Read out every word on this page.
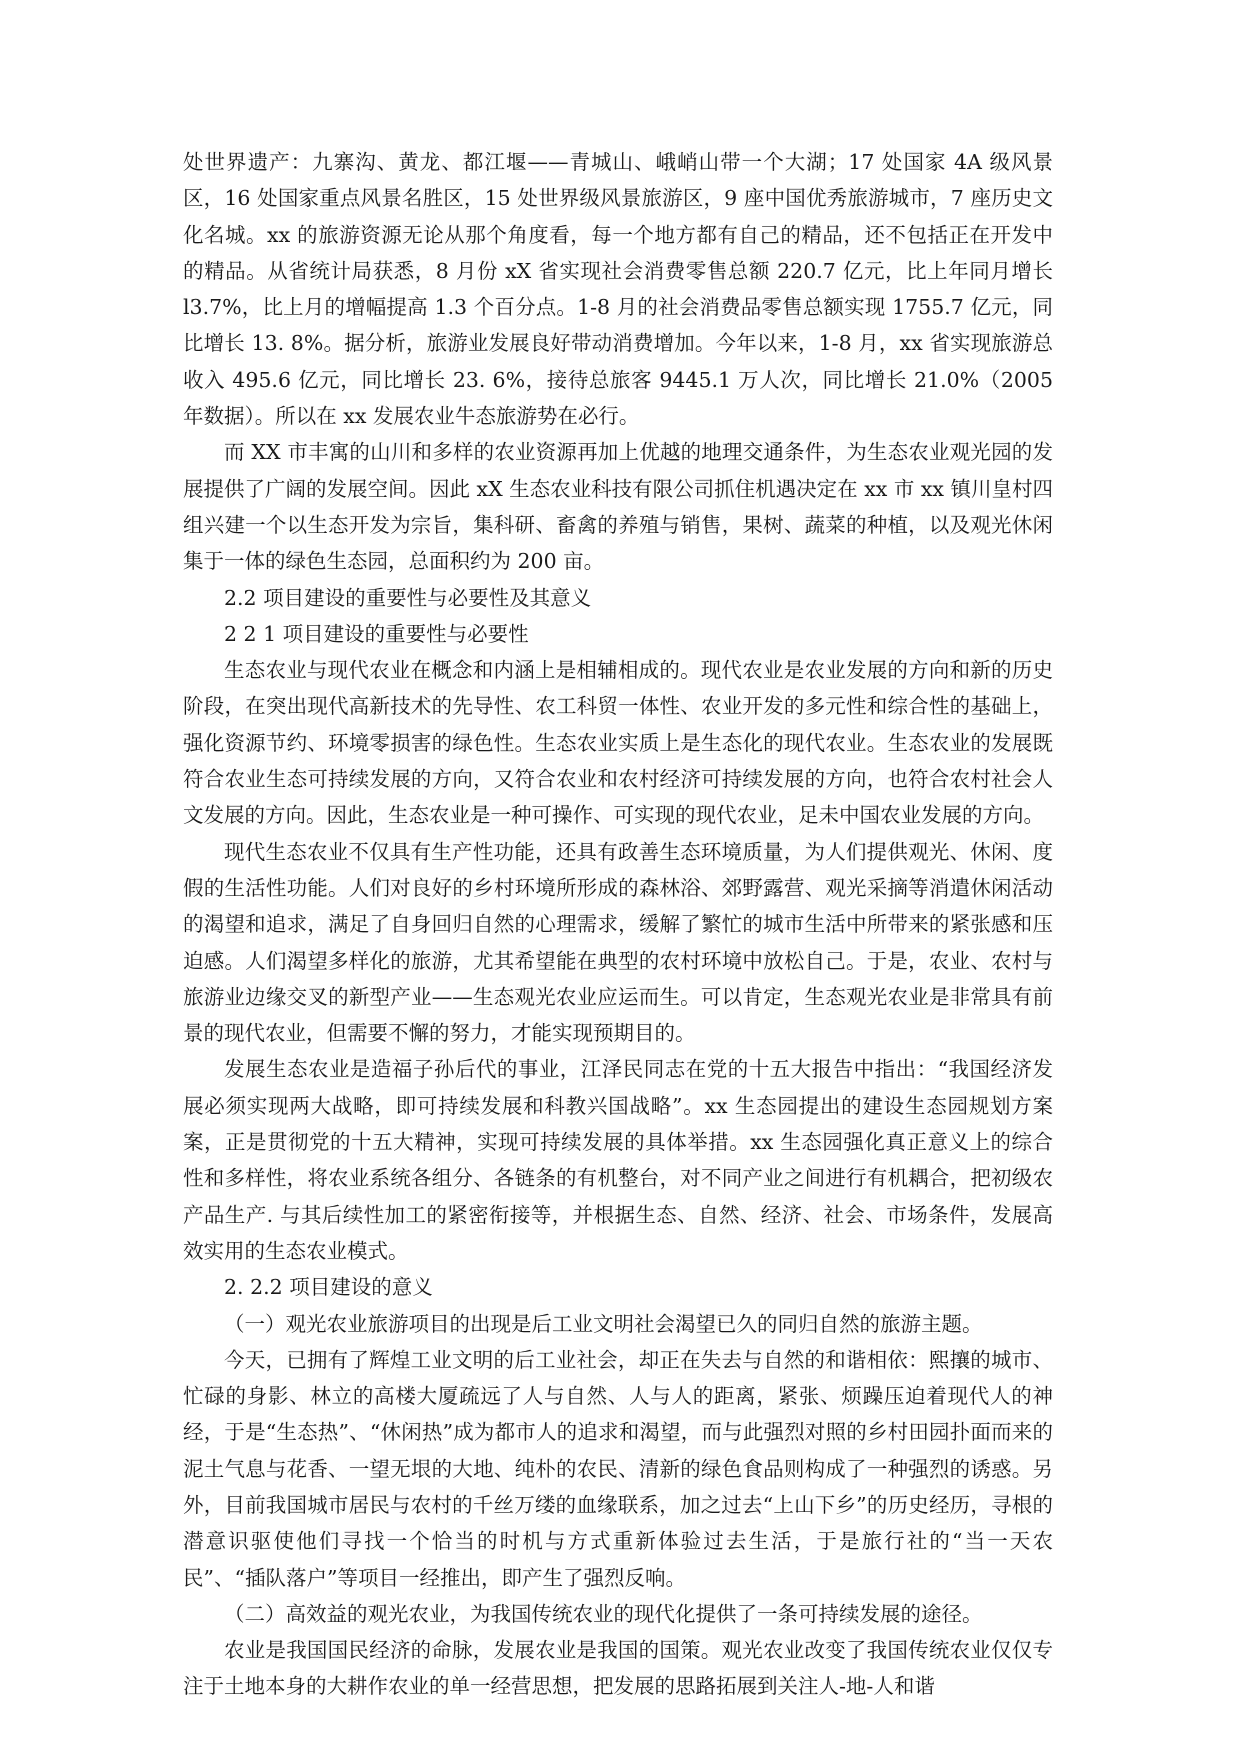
处世界遗产：九寨沟、黄龙、都江堰——青城山、峨峭山带一个大湖；17 处国家 4A 级风景区，16 处国家重点风景名胜区，15 处世界级风景旅游区，9 座中国优秀旅游城市，7 座历史文化名城。xx 的旅游资源无论从那个角度看，每一个地方都有自己的精品，还不包括正在开发中的精品。从省统计局获悉，8 月份 xX 省实现社会消费零售总额 220.7 亿元，比上年同月增长 l3.7%，比上月的增幅提高 1.3 个百分点。1-8 月的社会消费品零售总额实现 1755.7 亿元，同比增长 13. 8%。据分析，旅游业发展良好带动消费增加。今年以来，1-8 月，xx 省实现旅游总收入 495.6 亿元，同比增长 23. 6%，接待总旅客 9445.1 万人次，同比增长 21.0%（2005 年数据）。所以在 xx 发展农业牛态旅游势在必行。

而 XX 市丰寓的山川和多样的农业资源再加上优越的地理交通条件，为生态农业观光园的发展提供了广阔的发展空间。因此 xX 生态农业科技有限公司抓住机遇决定在 xx 市 xx 镇川皇村四组兴建一个以生态开发为宗旨，集科研、畜禽的养殖与销售，果树、蔬菜的种植，以及观光休闲集于一体的绿色生态园，总面积约为 200 亩。

2.2 项目建设的重要性与必要性及其意义

2 2 1 项目建设的重要性与必要性

生态农业与现代农业在概念和内涵上是相辅相成的。现代农业是农业发展的方向和新的历史阶段，在突出现代高新技术的先导性、农工科贸一体性、农业开发的多元性和综合性的基础上，强化资源节约、环境零损害的绿色性。生态农业实质上是生态化的现代农业。生态农业的发展既符合农业生态可持续发展的方向，又符合农业和农村经济可持续发展的方向，也符合农村社会人文发展的方向。因此，生态农业是一种可操作、可实现的现代农业，足未中国农业发展的方向。

现代生态农业不仅具有生产性功能，还具有政善生态环境质量，为人们提供观光、休闲、度假的生活性功能。人们对良好的乡村环境所形成的森林浴、郊野露营、观光采摘等消遣休闲活动的渴望和追求，满足了自身回归自然的心理需求，缓解了繁忙的城市生活中所带来的紧张感和压迫感。人们渴望多样化的旅游，尤其希望能在典型的农村环境中放松自己。于是，农业、农村与旅游业边缘交叉的新型产业——生态观光农业应运而生。可以肯定，生态观光农业是非常具有前景的现代农业，但需要不懈的努力，才能实现预期目的。

发展生态农业是造福子孙后代的事业，江泽民同志在党的十五大报告中指出：“我国经济发展必须实现两大战略，即可持续发展和科教兴国战略”。xx 生态园提出的建设生态园规划方案案，正是贯彻党的十五大精神，实现可持续发展的具体举措。xx 生态园强化真正意义上的综合性和多样性，将农业系统各组分、各链条的有机整台，对不同产业之间进行有机耦合，把初级农产品生产. 与其后续性加工的紧密衔接等，并根据生态、自然、经济、社会、市场条件，发展高效实用的生态农业模式。

2. 2.2 项目建设的意义

（一）观光农业旅游项目的出现是后工业文明社会渴望已久的同归自然的旅游主题。

今天，已拥有了辉煌工业文明的后工业社会，却正在失去与自然的和谐相依：熙攘的城市、忙碌的身影、林立的高楼大厦疏远了人与自然、人与人的距离，紧张、烦躁压迫着现代人的神经，于是“生态热”、“休闲热”成为都市人的追求和渴望，而与此强烈对照的乡村田园扑面而来的泥土气息与花香、一望无垠的大地、纯朴的农民、清新的绿色食品则构成了一种强烈的诱惑。另外，目前我国城市居民与农村的千丝万缕的血缘联系，加之过去“上山下乡”的历史经历，寻根的潜意识驱使他们寻找一个恰当的时机与方式重新体验过去生活，于是旅行社的“当一天农民”、“插队落户”等项目一经推出，即产生了强烈反响。

（二）高效益的观光农业，为我国传统农业的现代化提供了一条可持续发展的途径。

农业是我国国民经济的命脉，发展农业是我国的国策。观光农业改变了我国传统农业仅仅专注于土地本身的大耕作农业的单一经营思想，把发展的思路拓展到关注人-地-人和谐
